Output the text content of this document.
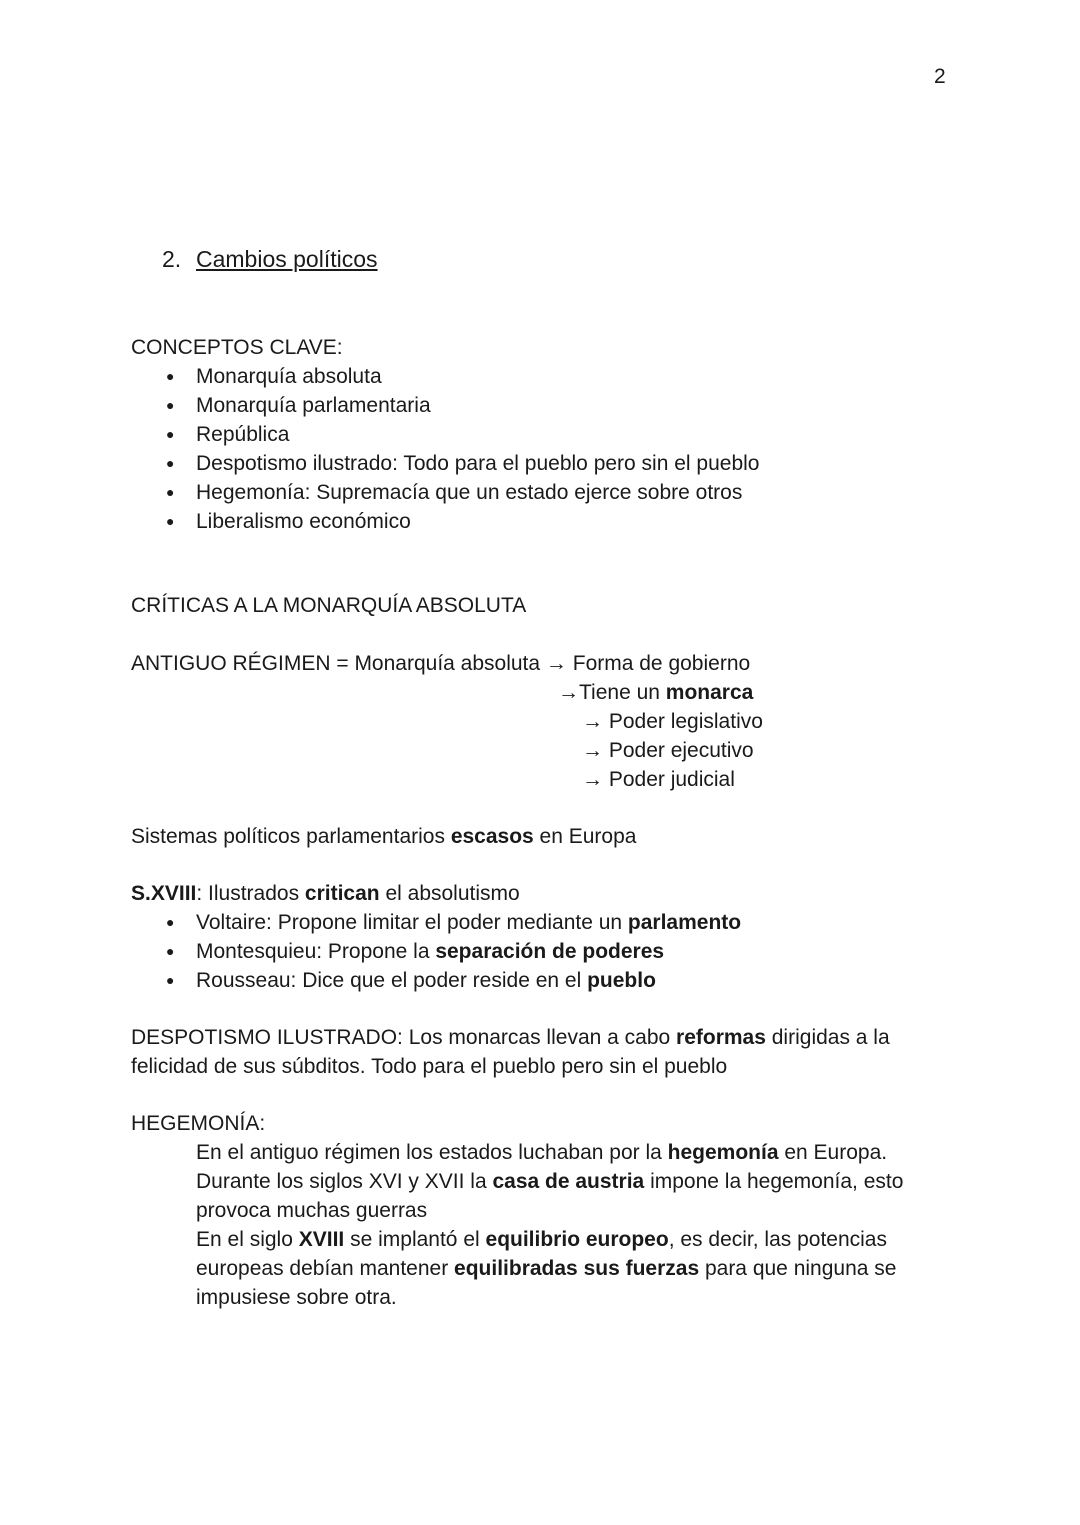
2
2. Cambios políticos
CONCEPTOS CLAVE:
● Monarquía absoluta
● Monarquía parlamentaria
● República
● Despotismo ilustrado: Todo para el pueblo pero sin el pueblo
● Hegemonía: Supremacía que un estado ejerce sobre otros
● Liberalismo económico
CRÍTICAS A LA MONARQUÍA ABSOLUTA
ANTIGUO RÉGIMEN = Monarquía absoluta → Forma de gobierno
→Tiene un monarca
→ Poder legislativo
→ Poder ejecutivo
→ Poder judicial
Sistemas políticos parlamentarios escasos en Europa
S.XVIII: Ilustrados critican el absolutismo
● Voltaire: Propone limitar el poder mediante un parlamento
● Montesquieu: Propone la separación de poderes
● Rousseau: Dice que el poder reside en el pueblo
DESPOTISMO ILUSTRADO: Los monarcas llevan a cabo reformas dirigidas a la felicidad de sus súbditos. Todo para el pueblo pero sin el pueblo
HEGEMONÍA:
En el antiguo régimen los estados luchaban por la hegemonía en Europa.
Durante los siglos XVI y XVII la casa de austria impone la hegemonía, esto provoca muchas guerras
En el siglo XVIII se implantó el equilibrio europeo, es decir, las potencias europeas debían mantener equilibradas sus fuerzas para que ninguna se impusiese sobre otra.
